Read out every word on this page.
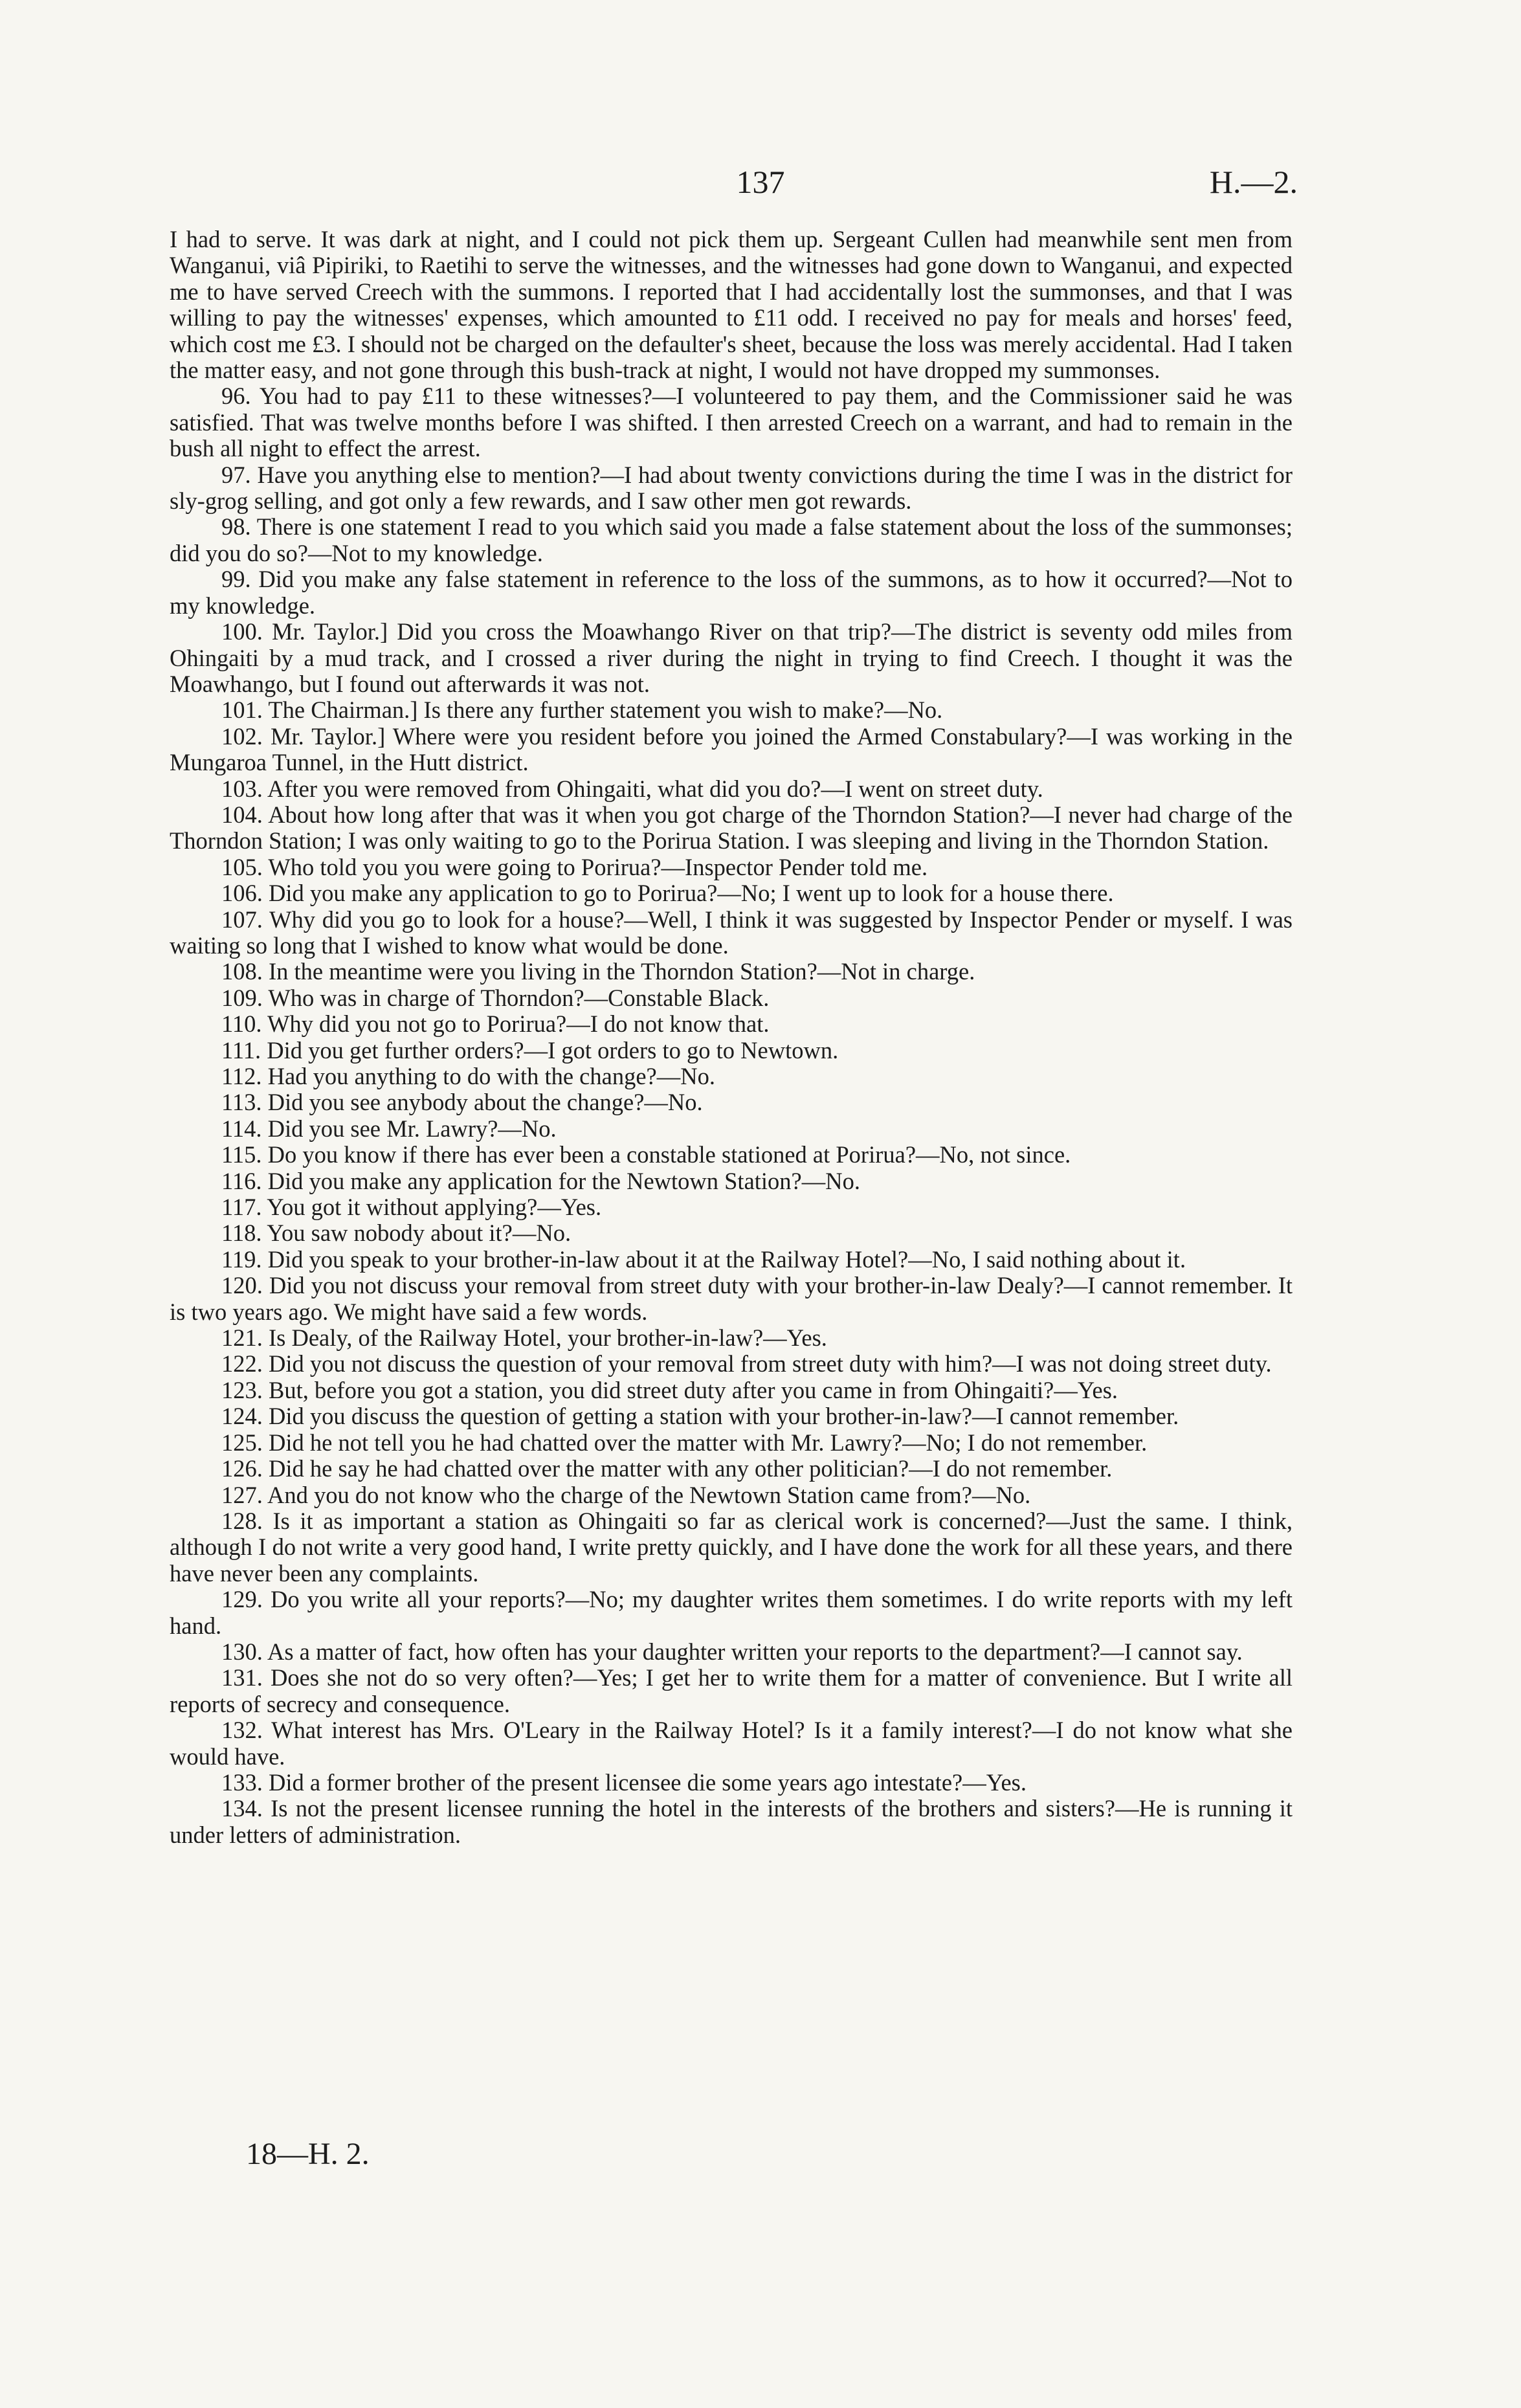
137	H.—2.

I had to serve. It was dark at night, and I could not pick them up. Sergeant Cullen had meanwhile sent men from Wanganui, viâ Pipiriki, to Raetihi to serve the witnesses, and the witnesses had gone down to Wanganui, and expected me to have served Creech with the summons. I reported that I had accidentally lost the summonses, and that I was willing to pay the witnesses' expenses, which amounted to £11 odd. I received no pay for meals and horses' feed, which cost me £3. I should not be charged on the defaulter's sheet, because the loss was merely accidental. Had I taken the matter easy, and not gone through this bush-track at night, I would not have dropped my summonses.

96. You had to pay £11 to these witnesses?—I volunteered to pay them, and the Commissioner said he was satisfied. That was twelve months before I was shifted. I then arrested Creech on a warrant, and had to remain in the bush all night to effect the arrest.

97. Have you anything else to mention?—I had about twenty convictions during the time I was in the district for sly-grog selling, and got only a few rewards, and I saw other men got rewards.

98. There is one statement I read to you which said you made a false statement about the loss of the summonses; did you do so?—Not to my knowledge.

99. Did you make any false statement in reference to the loss of the summons, as to how it occurred?—Not to my knowledge.

100. Mr. Taylor.] Did you cross the Moawhango River on that trip?—The district is seventy odd miles from Ohingaiti by a mud track, and I crossed a river during the night in trying to find Creech. I thought it was the Moawhango, but I found out afterwards it was not.

101. The Chairman.] Is there any further statement you wish to make?—No.

102. Mr. Taylor.] Where were you resident before you joined the Armed Constabulary?—I was working in the Mungaroa Tunnel, in the Hutt district.

103. After you were removed from Ohingaiti, what did you do?—I went on street duty.

104. About how long after that was it when you got charge of the Thorndon Station?—I never had charge of the Thorndon Station; I was only waiting to go to the Porirua Station. I was sleeping and living in the Thorndon Station.

105. Who told you you were going to Porirua?—Inspector Pender told me.

106. Did you make any application to go to Porirua?—No; I went up to look for a house there.

107. Why did you go to look for a house?—Well, I think it was suggested by Inspector Pender or myself. I was waiting so long that I wished to know what would be done.

108. In the meantime were you living in the Thorndon Station?—Not in charge.

109. Who was in charge of Thorndon?—Constable Black.

110. Why did you not go to Porirua?—I do not know that.

111. Did you get further orders?—I got orders to go to Newtown.

112. Had you anything to do with the change?—No.

113. Did you see anybody about the change?—No.

114. Did you see Mr. Lawry?—No.

115. Do you know if there has ever been a constable stationed at Porirua?—No, not since.

116. Did you make any application for the Newtown Station?—No.

117. You got it without applying?—Yes.

118. You saw nobody about it?—No.

119. Did you speak to your brother-in-law about it at the Railway Hotel?—No, I said nothing about it.

120. Did you not discuss your removal from street duty with your brother-in-law Dealy?—I cannot remember. It is two years ago. We might have said a few words.

121. Is Dealy, of the Railway Hotel, your brother-in-law?—Yes.

122. Did you not discuss the question of your removal from street duty with him?—I was not doing street duty.

123. But, before you got a station, you did street duty after you came in from Ohingaiti?—Yes.

124. Did you discuss the question of getting a station with your brother-in-law?—I cannot remember.

125. Did he not tell you he had chatted over the matter with Mr. Lawry?—No; I do not remember.

126. Did he say he had chatted over the matter with any other politician?—I do not remember.

127. And you do not know who the charge of the Newtown Station came from?—No.

128. Is it as important a station as Ohingaiti so far as clerical work is concerned?—Just the same. I think, although I do not write a very good hand, I write pretty quickly, and I have done the work for all these years, and there have never been any complaints.

129. Do you write all your reports?—No; my daughter writes them sometimes. I do write reports with my left hand.

130. As a matter of fact, how often has your daughter written your reports to the department?—I cannot say.

131. Does she not do so very often?—Yes; I get her to write them for a matter of convenience. But I write all reports of secrecy and consequence.

132. What interest has Mrs. O'Leary in the Railway Hotel? Is it a family interest?—I do not know what she would have.

133. Did a former brother of the present licensee die some years ago intestate?—Yes.

134. Is not the present licensee running the hotel in the interests of the brothers and sisters?—He is running it under letters of administration.

18—H. 2.
